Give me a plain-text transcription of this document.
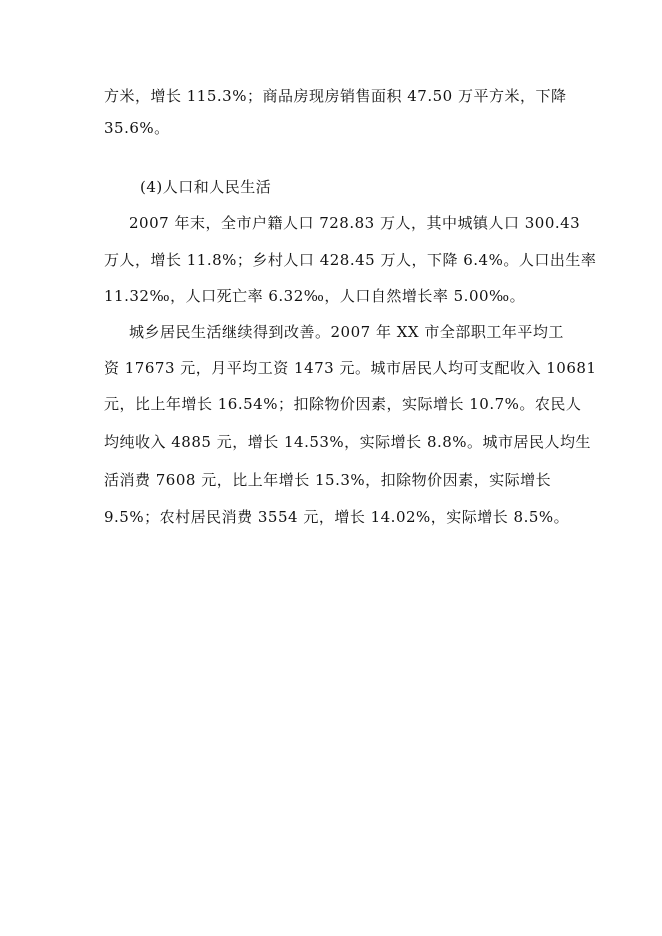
方米，增长 115.3%；商品房现房销售面积 47.50 万平方米，下降
35.6%。
(4)人口和人民生活
2007 年末，全市户籍人口 728.83 万人，其中城镇人口 300.43
万人，增长 11.8%；乡村人口 428.45 万人，下降 6.4%。人口出生率
11.32‰，人口死亡率 6.32‰，人口自然增长率 5.00‰。
城乡居民生活继续得到改善。2007 年 XX 市全部职工年平均工
资 17673 元，月平均工资 1473 元。城市居民人均可支配收入 10681
元，比上年增长 16.54%；扣除物价因素，实际增长 10.7%。农民人
均纯收入 4885 元，增长 14.53%，实际增长 8.8%。城市居民人均生
活消费 7608 元，比上年增长 15.3%，扣除物价因素，实际增长
9.5%；农村居民消费 3554 元，增长 14.02%，实际增长 8.5%。
